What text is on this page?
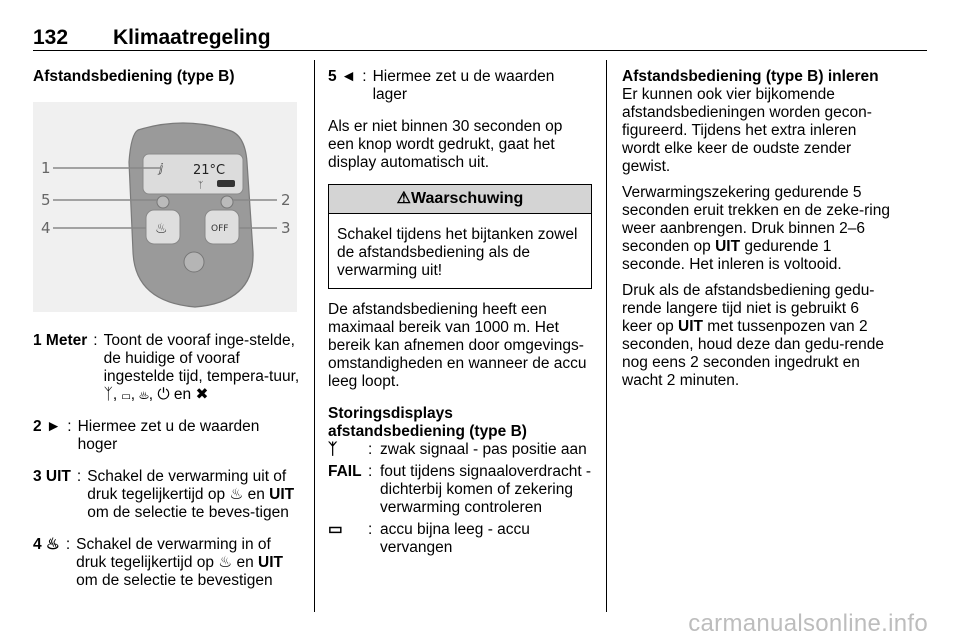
132 Klimaatregeling
Afstandsbediening (type B)
ⅉ 21°C
ᛉ
♨	OFF
1
2
3
4
5
1 Meter : Toont de vooraf inge-stelde, de huidige of vooraf ingestelde tijd, tempera-tuur, ᛉ, ▭, ♨, ⏻ en ✖
2 ► : Hiermee zet u de waarden hoger
3 UIT : Schakel de verwarming uit of druk tegelijkertijd op ♨ en UIT om de selectie te beves-tigen
4 ♨ : Schakel de verwarming in of druk tegelijkertijd op ♨ en UIT om de selectie te bevestigen
5 ◄ : Hiermee zet u de waarden lager

Als er niet binnen 30 seconden op een knop wordt gedrukt, gaat het display automatisch uit.

⚠Waarschuwing
Schakel tijdens het bijtanken zowel de afstandsbediening als de verwarming uit!

De afstandsbediening heeft een maximaal bereik van 1000 m. Het bereik kan afnemen door omgevings-omstandigheden en wanneer de accu leeg loopt.

Storingsdisplays afstandsbediening (type B)
ᛉ	: zwak signaal - pas positie aan
FAIL : fout tijdens signaaloverdracht - dichterbij komen of zekering verwarming controleren
▭	: accu bijna leeg - accu vervangen
Afstandsbediening (type B) inleren

Er kunnen ook vier bijkomende afstandsbedieningen worden gecon-figureerd. Tijdens het extra inleren wordt elke keer de oudste zender gewist.

Verwarmingszekering gedurende 5 seconden eruit trekken en de zeke-ring weer aanbrengen. Druk binnen 2–6 seconden op UIT gedurende 1 seconde. Het inleren is voltooid.

Druk als de afstandsbediening gedu-rende langere tijd niet is gebruikt 6 keer op UIT met tussenpozen van 2 seconden, houd deze dan gedu-rende nog eens 2 seconden ingedrukt en wacht 2 minuten.

carmanualsonline.info
